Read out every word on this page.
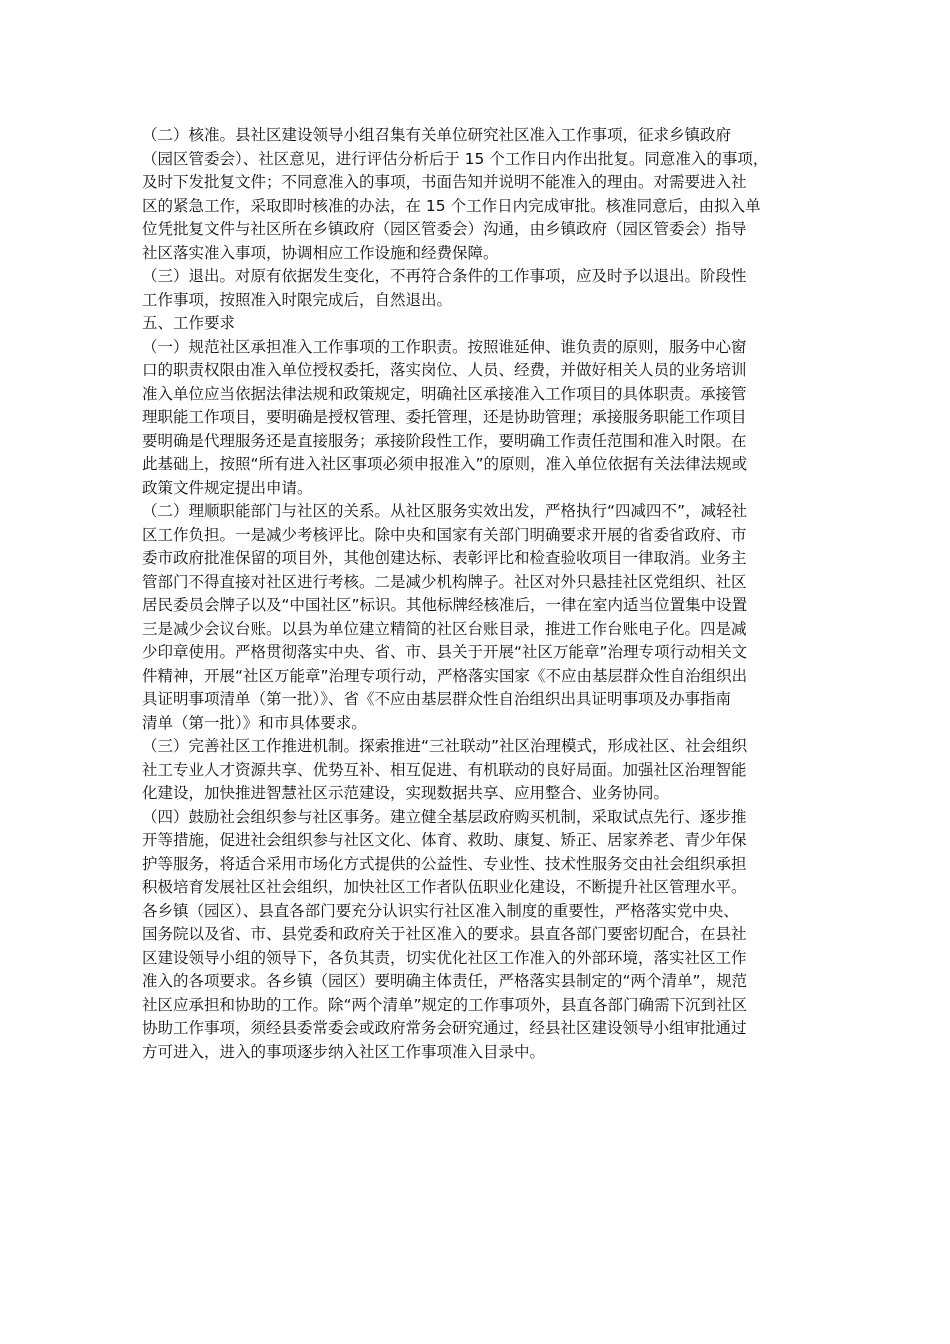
（二）核准。县社区建设领导小组召集有关单位研究社区准入工作事项，征求乡镇政府
（园区管委会）、社区意见，进行评估分析后于 15 个工作日内作出批复。同意准入的事项，
及时下发批复文件；不同意准入的事项，书面告知并说明不能准入的理由。对需要进入社
区的紧急工作，采取即时核准的办法，在 15 个工作日内完成审批。核准同意后，由拟入单
位凭批复文件与社区所在乡镇政府（园区管委会）沟通，由乡镇政府（园区管委会）指导
社区落实准入事项，协调相应工作设施和经费保障。
（三）退出。对原有依据发生变化，不再符合条件的工作事项，应及时予以退出。阶段性
工作事项，按照准入时限完成后，自然退出。
五、工作要求
（一）规范社区承担准入工作事项的工作职责。按照谁延伸、谁负责的原则，服务中心窗
口的职责权限由准入单位授权委托，落实岗位、人员、经费，并做好相关人员的业务培训
准入单位应当依据法律法规和政策规定，明确社区承接准入工作项目的具体职责。承接管
理职能工作项目，要明确是授权管理、委托管理，还是协助管理；承接服务职能工作项目
要明确是代理服务还是直接服务；承接阶段性工作，要明确工作责任范围和准入时限。在
此基础上，按照“所有进入社区事项必须申报准入”的原则，准入单位依据有关法律法规或
政策文件规定提出申请。
（二）理顺职能部门与社区的关系。从社区服务实效出发，严格执行“四减四不”，减轻社
区工作负担。一是减少考核评比。除中央和国家有关部门明确要求开展的省委省政府、市
委市政府批准保留的项目外，其他创建达标、表彰评比和检查验收项目一律取消。业务主
管部门不得直接对社区进行考核。二是减少机构牌子。社区对外只悬挂社区党组织、社区
居民委员会牌子以及“中国社区”标识。其他标牌经核准后，一律在室内适当位置集中设置
三是减少会议台账。以县为单位建立精简的社区台账目录，推进工作台账电子化。四是减
少印章使用。严格贯彻落实中央、省、市、县关于开展“社区万能章”治理专项行动相关文
件精神，开展“社区万能章”治理专项行动，严格落实国家《不应由基层群众性自治组织出
具证明事项清单（第一批）》、省《不应由基层群众性自治组织出具证明事项及办事指南
清单（第一批）》和市具体要求。
（三）完善社区工作推进机制。探索推进“三社联动”社区治理模式，形成社区、社会组织
社工专业人才资源共享、优势互补、相互促进、有机联动的良好局面。加强社区治理智能
化建设，加快推进智慧社区示范建设，实现数据共享、应用整合、业务协同。
（四）鼓励社会组织参与社区事务。建立健全基层政府购买机制，采取试点先行、逐步推
开等措施，促进社会组织参与社区文化、体育、救助、康复、矫正、居家养老、青少年保
护等服务，将适合采用市场化方式提供的公益性、专业性、技术性服务交由社会组织承担
积极培育发展社区社会组织，加快社区工作者队伍职业化建设，不断提升社区管理水平。
各乡镇（园区）、县直各部门要充分认识实行社区准入制度的重要性，严格落实党中央、
国务院以及省、市、县党委和政府关于社区准入的要求。县直各部门要密切配合，在县社
区建设领导小组的领导下，各负其责，切实优化社区工作准入的外部环境，落实社区工作
准入的各项要求。各乡镇（园区）要明确主体责任，严格落实县制定的“两个清单”，规范
社区应承担和协助的工作。除“两个清单”规定的工作事项外，县直各部门确需下沉到社区
协助工作事项，须经县委常委会或政府常务会研究通过，经县社区建设领导小组审批通过
方可进入，进入的事项逐步纳入社区工作事项准入目录中。
